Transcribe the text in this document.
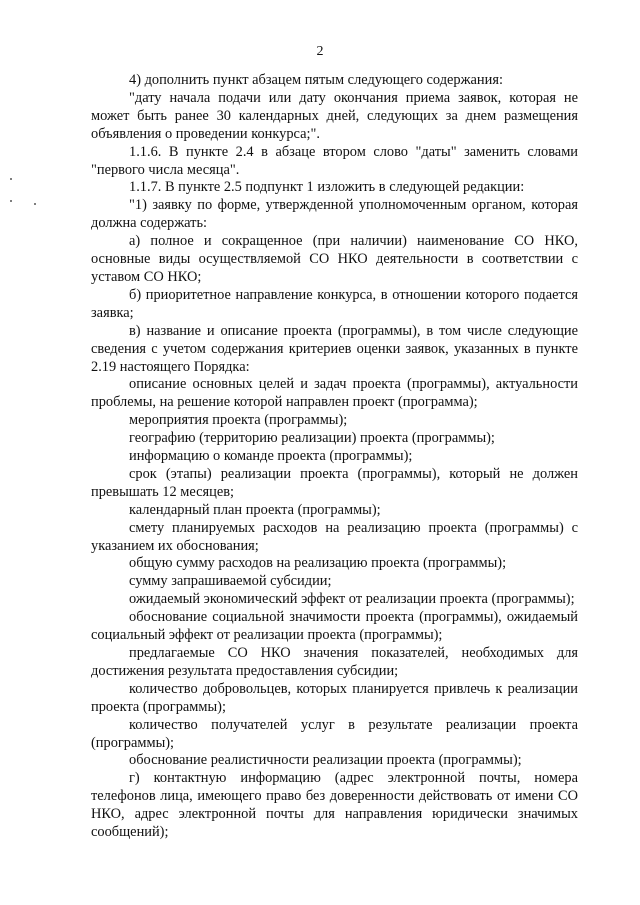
2

4) дополнить пункт абзацем пятым следующего содержания:

"дату начала подачи или дату окончания приема заявок, которая не может быть ранее 30 календарных дней, следующих за днем размещения объявления о проведении конкурса;".

1.1.6. В пункте 2.4 в абзаце втором слово "даты" заменить словами "первого числа месяца".

1.1.7. В пункте 2.5 подпункт 1 изложить в следующей редакции:

"1) заявку по форме, утвержденной уполномоченным органом, которая должна содержать:

а) полное и сокращенное (при наличии) наименование СО НКО, основные виды осуществляемой СО НКО деятельности в соответствии с уставом СО НКО;

б) приоритетное направление конкурса, в отношении которого подается заявка;

в) название и описание проекта (программы), в том числе следующие сведения с учетом содержания критериев оценки заявок, указанных в пункте 2.19 настоящего Порядка:

описание основных целей и задач проекта (программы), актуальности проблемы, на решение которой направлен проект (программа);

мероприятия проекта (программы);

географию (территорию реализации) проекта (программы);

информацию о команде проекта (программы);

срок (этапы) реализации проекта (программы), который не должен превышать 12 месяцев;

календарный план проекта (программы);

смету планируемых расходов на реализацию проекта (программы) с указанием их обоснования;

общую сумму расходов на реализацию проекта (программы);

сумму запрашиваемой субсидии;

ожидаемый экономический эффект от реализации проекта (программы);

обоснование социальной значимости проекта (программы), ожидаемый социальный эффект от реализации проекта (программы);

предлагаемые СО НКО значения показателей, необходимых для достижения результата предоставления субсидии;

количество добровольцев, которых планируется привлечь к реализации проекта (программы);

количество получателей услуг в результате реализации проекта (программы);

обоснование реалистичности реализации проекта (программы);

г) контактную информацию (адрес электронной почты, номера телефонов лица, имеющего право без доверенности действовать от имени СО НКО, адрес электронной почты для направления юридически значимых сообщений);
